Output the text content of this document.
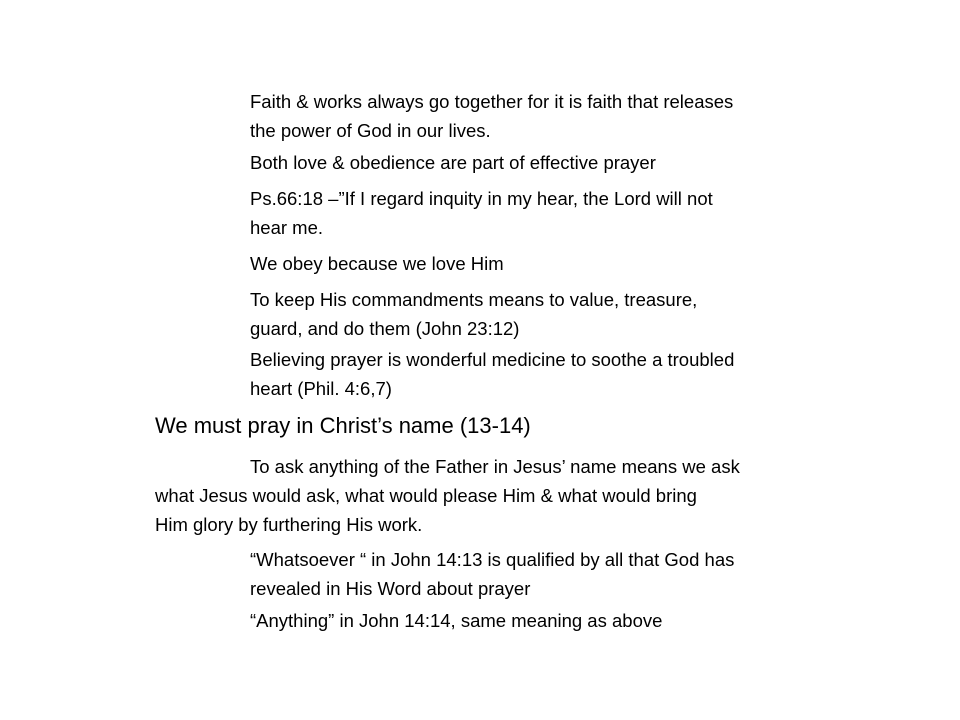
Faith & works always go together for it is faith that releases
the power of God in our lives.

Both love & obedience are part of effective prayer

Ps.66:18 –”If I regard inquity in my hear, the Lord will not
hear me.

We obey because we love Him

To keep His commandments means to value, treasure,
guard, and do them (John 23:12)

Believing prayer is wonderful medicine to soothe a troubled
heart (Phil. 4:6,7)

We must pray in Christ’s name (13-14)

To ask anything of the Father in Jesus’ name means we ask
what Jesus would ask, what would please Him & what would bring
Him glory by furthering His work.

“Whatsoever “ in John 14:13 is qualified by all that God has
revealed in His Word about prayer

“Anything” in John 14:14, same meaning as above
